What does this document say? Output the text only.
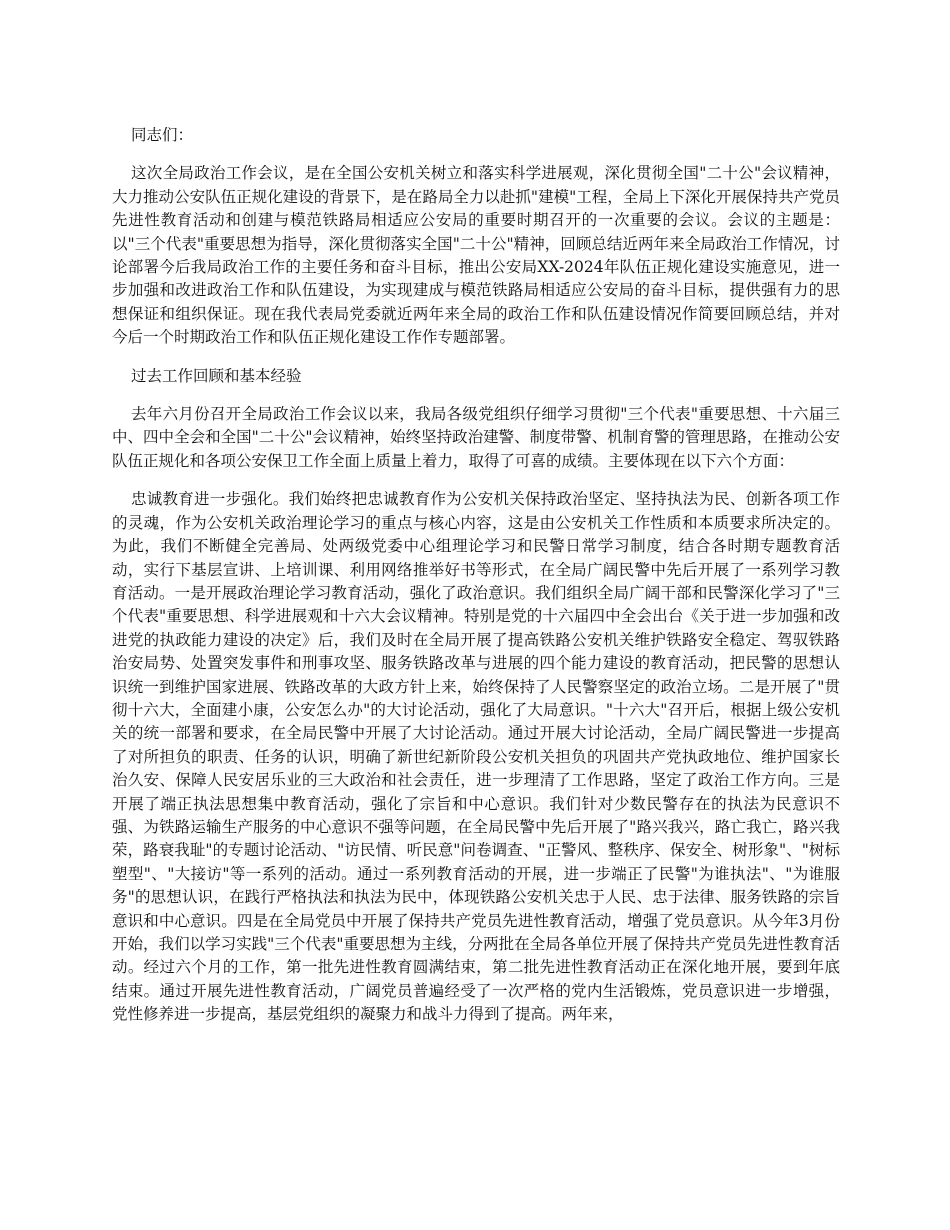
同志们：

这次全局政治工作会议，是在全国公安机关树立和落实科学进展观，深化贯彻全国"二十公"会议精神，大力推动公安队伍正规化建设的背景下，是在路局全力以赴抓"建模"工程，全局上下深化开展保持共产党员先进性教育活动和创建与模范铁路局相适应公安局的重要时期召开的一次重要的会议。会议的主题是：以"三个代表"重要思想为指导，深化贯彻落实全国"二十公"精神，回顾总结近两年来全局政治工作情况，讨论部署今后我局政治工作的主要任务和奋斗目标，推出公安局XX-2024年队伍正规化建设实施意见，进一步加强和改进政治工作和队伍建设，为实现建成与模范铁路局相适应公安局的奋斗目标，提供强有力的思想保证和组织保证。现在我代表局党委就近两年来全局的政治工作和队伍建设情况作简要回顾总结，并对今后一个时期政治工作和队伍正规化建设工作作专题部署。

过去工作回顾和基本经验

去年六月份召开全局政治工作会议以来，我局各级党组织仔细学习贯彻"三个代表"重要思想、十六届三中、四中全会和全国"二十公"会议精神，始终坚持政治建警、制度带警、机制育警的管理思路，在推动公安队伍正规化和各项公安保卫工作全面上质量上着力，取得了可喜的成绩。主要体现在以下六个方面：

忠诚教育进一步强化。我们始终把忠诚教育作为公安机关保持政治坚定、坚持执法为民、创新各项工作的灵魂，作为公安机关政治理论学习的重点与核心内容，这是由公安机关工作性质和本质要求所决定的。为此，我们不断健全完善局、处两级党委中心组理论学习和民警日常学习制度，结合各时期专题教育活动，实行下基层宣讲、上培训课、利用网络推举好书等形式，在全局广阔民警中先后开展了一系列学习教育活动。一是开展政治理论学习教育活动，强化了政治意识。我们组织全局广阔干部和民警深化学习了"三个代表"重要思想、科学进展观和十六大会议精神。特别是党的十六届四中全会出台《关于进一步加强和改进党的执政能力建设的决定》后，我们及时在全局开展了提高铁路公安机关维护铁路安全稳定、驾驭铁路治安局势、处置突发事件和刑事攻坚、服务铁路改革与进展的四个能力建设的教育活动，把民警的思想认识统一到维护国家进展、铁路改革的大政方针上来，始终保持了人民警察坚定的政治立场。二是开展了"贯彻十六大，全面建小康，公安怎么办"的大讨论活动，强化了大局意识。"十六大"召开后，根据上级公安机关的统一部署和要求，在全局民警中开展了大讨论活动。通过开展大讨论活动，全局广阔民警进一步提高了对所担负的职责、任务的认识，明确了新世纪新阶段公安机关担负的巩固共产党执政地位、维护国家长治久安、保障人民安居乐业的三大政治和社会责任，进一步理清了工作思路，坚定了政治工作方向。三是开展了端正执法思想集中教育活动，强化了宗旨和中心意识。我们针对少数民警存在的执法为民意识不强、为铁路运输生产服务的中心意识不强等问题，在全局民警中先后开展了"路兴我兴，路亡我亡，路兴我荣，路衰我耻"的专题讨论活动、"访民情、听民意"问卷调查、"正警风、整秩序、保安全、树形象"、"树标塑型"、"大接访"等一系列的活动。通过一系列教育活动的开展，进一步端正了民警"为谁执法"、"为谁服务"的思想认识，在践行严格执法和执法为民中，体现铁路公安机关忠于人民、忠于法律、服务铁路的宗旨意识和中心意识。四是在全局党员中开展了保持共产党员先进性教育活动，增强了党员意识。从今年3月份开始，我们以学习实践"三个代表"重要思想为主线，分两批在全局各单位开展了保持共产党员先进性教育活动。经过六个月的工作，第一批先进性教育圆满结束，第二批先进性教育活动正在深化地开展，要到年底结束。通过开展先进性教育活动，广阔党员普遍经受了一次严格的党内生活锻炼，党员意识进一步增强，党性修养进一步提高，基层党组织的凝聚力和战斗力得到了提高。两年来，
